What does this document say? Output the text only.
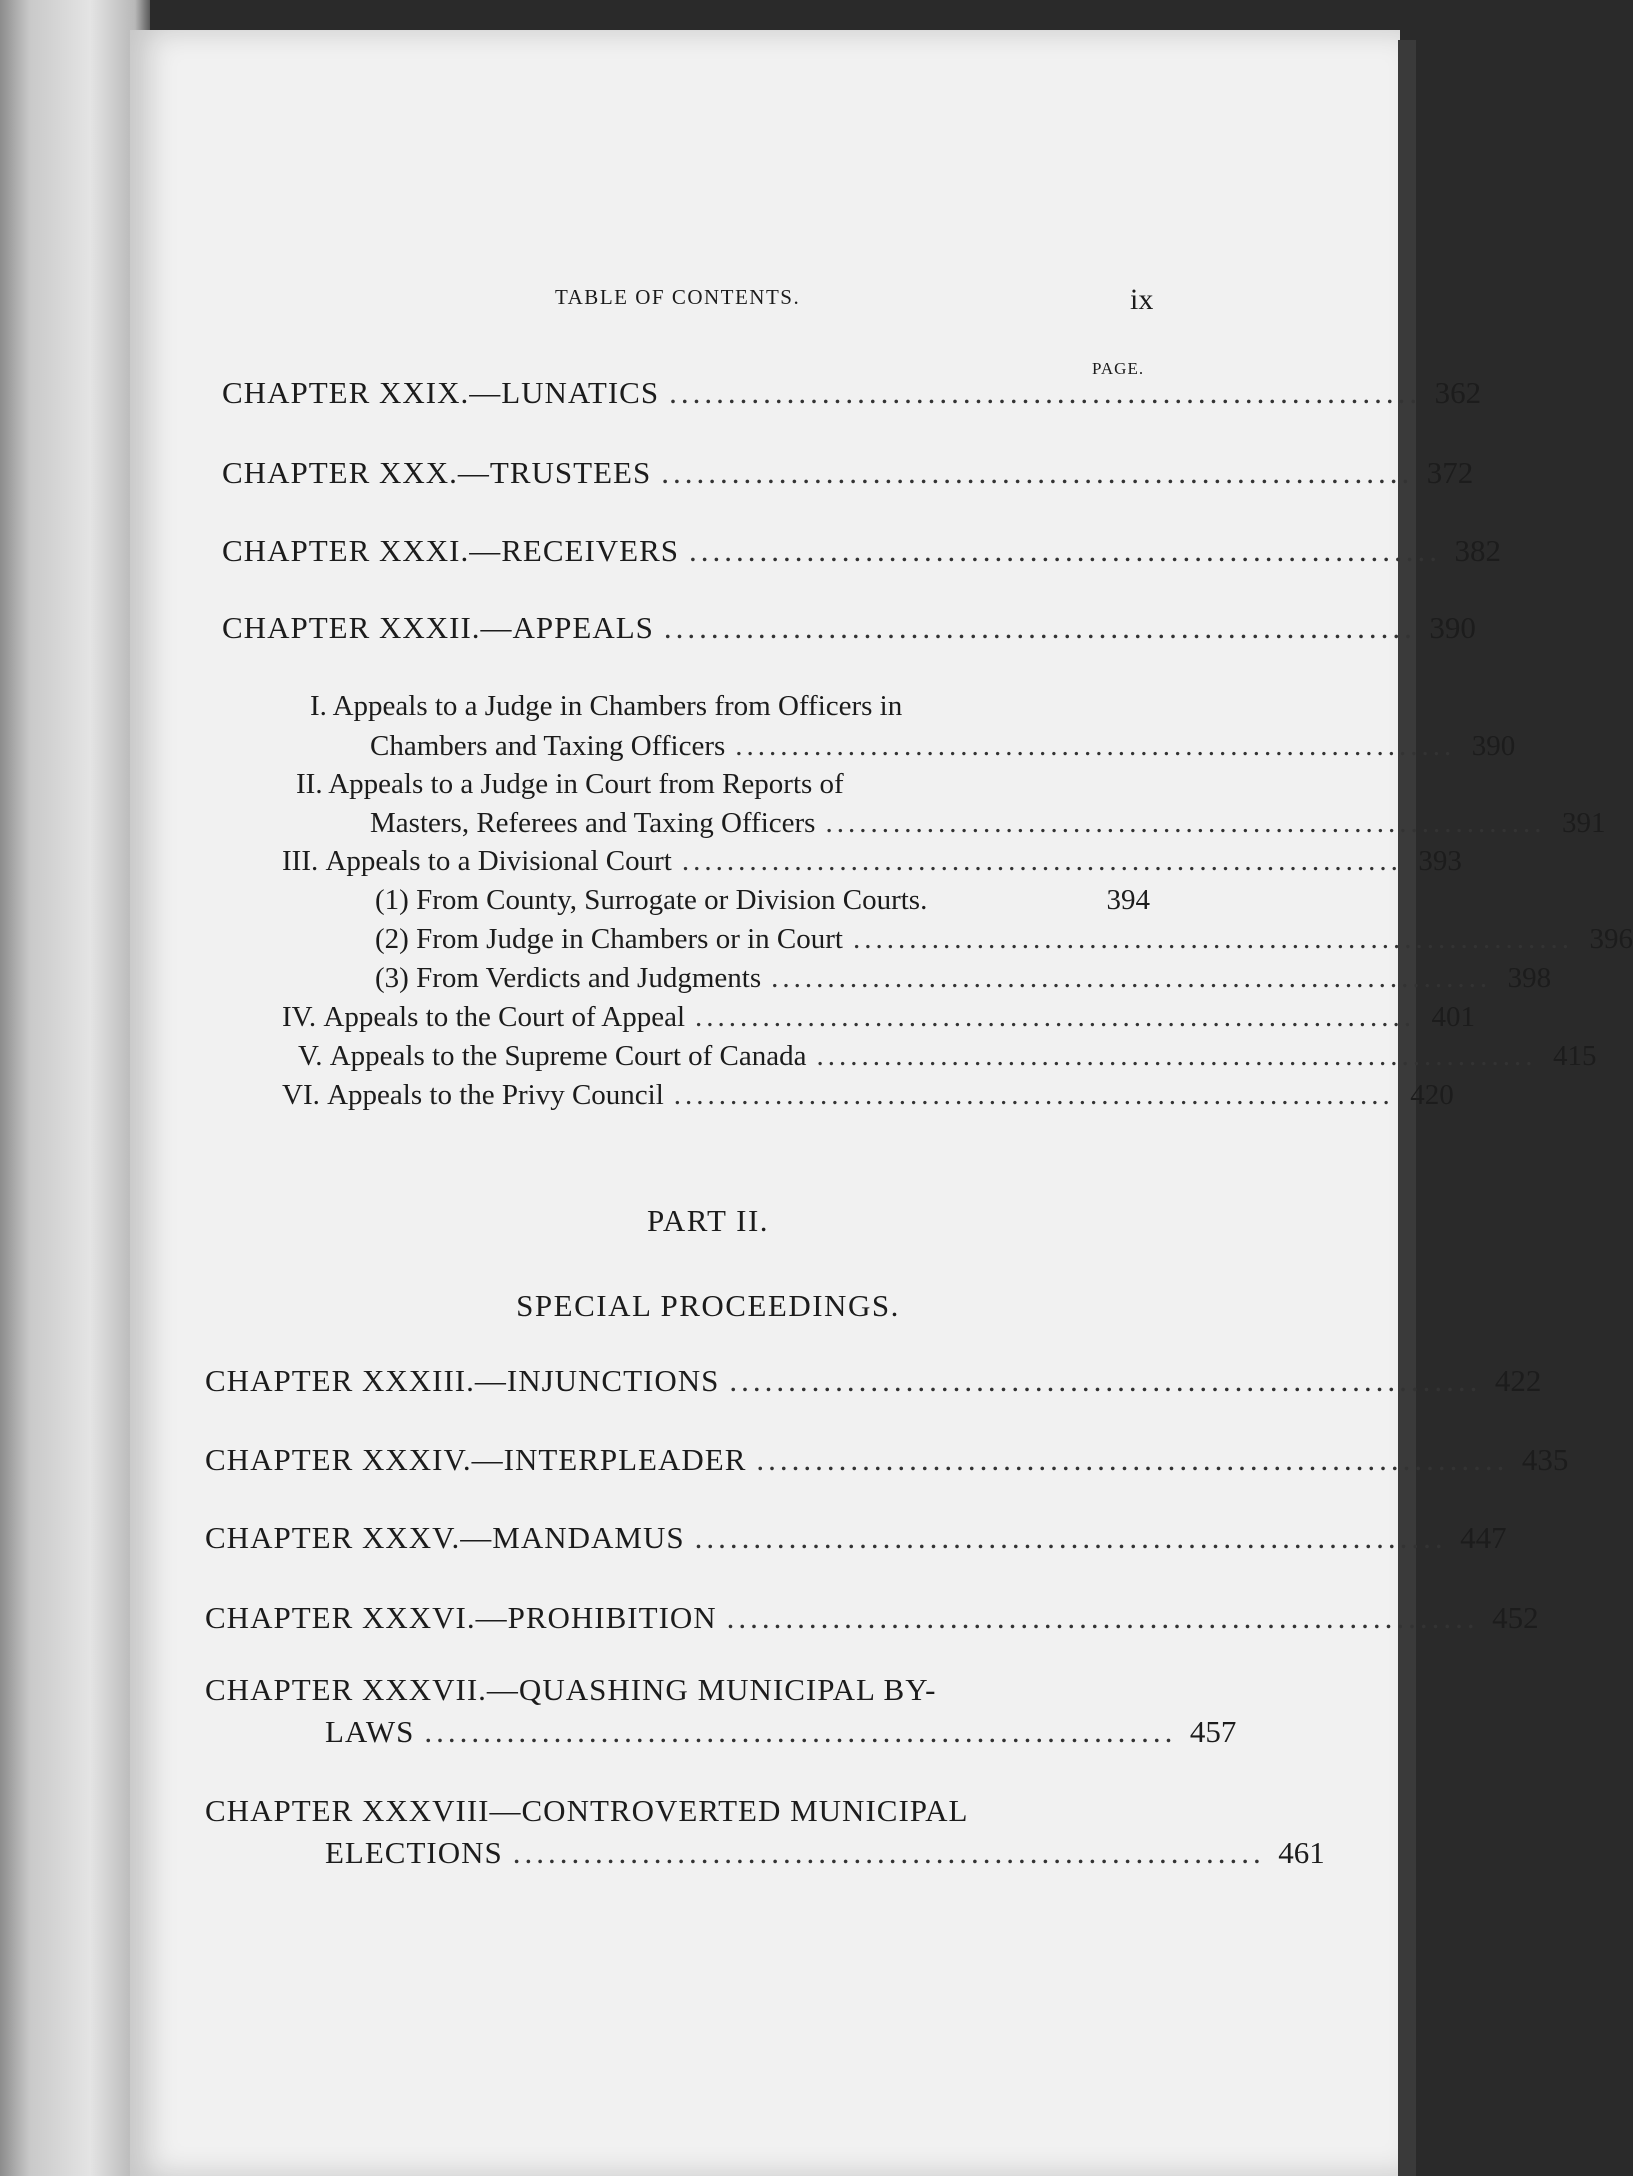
TABLE OF CONTENTS.	ix
PAGE.
CHAPTER XXIX.—LUNATICS ................................................................ 362
CHAPTER XXX.—TRUSTEES ................................................................ 372
CHAPTER XXXI.—RECEIVERS ................................................................ 382
CHAPTER XXXII.—APPEALS ................................................................ 390
I. Appeals to a Judge in Chambers from Officers in
Chambers and Taxing Officers ................................................................ 390
II. Appeals to a Judge in Court from Reports of
Masters, Referees and Taxing Officers ................................................................ 391
III.
Appeals to a Divisional Court ................................................................ 393
(1)
From County, Surrogate or Division Courts.	394
(2)
From Judge in Chambers or in Court ................................................................ 396
(3)
From Verdicts and Judgments ................................................................ 398
IV.
Appeals to the Court of Appeal ................................................................ 401
V.
Appeals to the Supreme Court of Canada ................................................................ 415
VI.
Appeals to the Privy Council ................................................................ 420
PART II.
SPECIAL PROCEEDINGS.
CHAPTER XXXIII.—INJUNCTIONS ................................................................ 422
CHAPTER XXXIV.—INTERPLEADER ................................................................ 435
CHAPTER XXXV.—MANDAMUS ................................................................ 447
CHAPTER XXXVI.—PROHIBITION ................................................................ 452
CHAPTER XXXVII.—QUASHING MUNICIPAL BY-
LAWS ................................................................ 457
CHAPTER XXXVIII—CONTROVERTED MUNICIPAL
ELECTIONS ................................................................ 461
